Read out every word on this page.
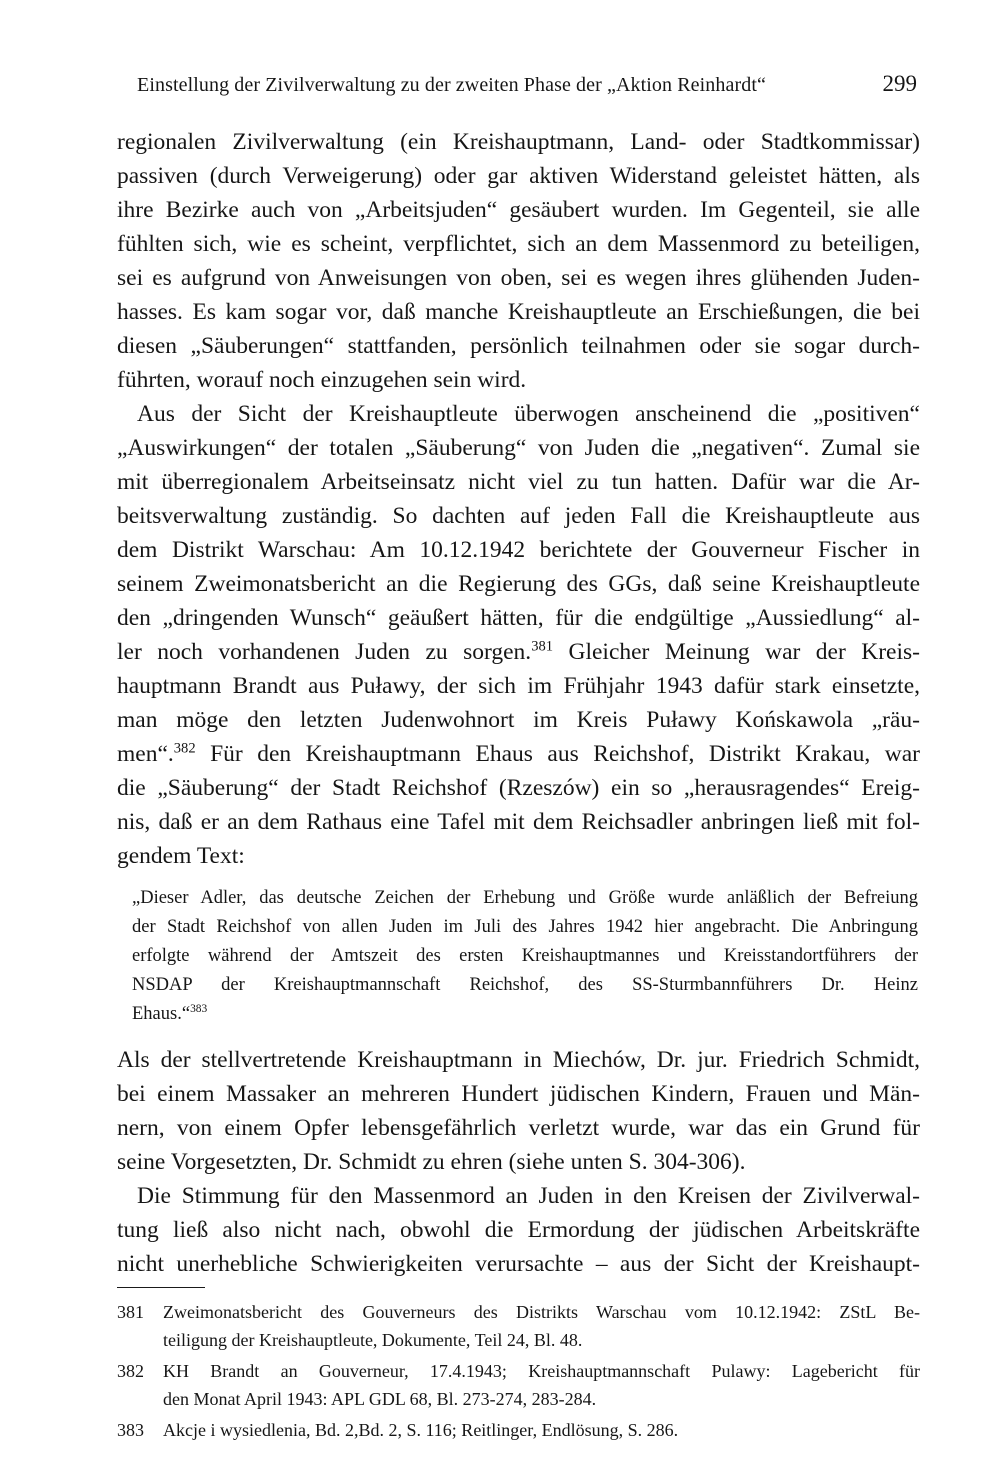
Einstellung der Zivilverwaltung zu der zweiten Phase der „Aktion Reinhardt“	299

regionalen Zivilverwaltung (ein Kreishauptmann, Land- oder Stadtkommissar)

passiven (durch Verweigerung) oder gar aktiven Widerstand geleistet hätten, als

ihre Bezirke auch von „Arbeitsjuden“ gesäubert wurden. Im Gegenteil, sie alle

fühlten sich, wie es scheint, verpflichtet, sich an dem Massenmord zu beteiligen,

sei es aufgrund von Anweisungen von oben, sei es wegen ihres glühenden Juden-

hasses. Es kam sogar vor, daß manche Kreishauptleute an Erschießungen, die bei

diesen „Säuberungen“ stattfanden, persönlich teilnahmen oder sie sogar durch-

führten, worauf noch einzugehen sein wird.

Aus der Sicht der Kreishauptleute überwogen anscheinend die „positiven“

„Auswirkungen“ der totalen „Säuberung“ von Juden die „negativen“. Zumal sie

mit überregionalem Arbeitseinsatz nicht viel zu tun hatten. Dafür war die Ar-

beitsverwaltung zuständig. So dachten auf jeden Fall die Kreishauptleute aus

dem Distrikt Warschau: Am 10.12.1942 berichtete der Gouverneur Fischer in

seinem Zweimonatsbericht an die Regierung des GGs, daß seine Kreishauptleute

den „dringenden Wunsch“ geäußert hätten, für die endgültige „Aussiedlung“ al-

ler noch vorhandenen Juden zu sorgen.$^{381}$ Gleicher Meinung war der Kreis-

hauptmann Brandt aus Puławy, der sich im Frühjahr 1943 dafür stark einsetzte,

man möge den letzten Judenwohnort im Kreis Puławy Końskawola „räu-

men“.$^{382}$ Für den Kreishauptmann Ehaus aus Reichshof, Distrikt Krakau, war

die „Säuberung“ der Stadt Reichshof (Rzeszów) ein so „herausragendes“ Ereig-

nis, daß er an dem Rathaus eine Tafel mit dem Reichsadler anbringen ließ mit fol-

gendem Text:

„Dieser Adler, das deutsche Zeichen der Erhebung und Größe wurde anläßlich der Befreiung

der Stadt Reichshof von allen Juden im Juli des Jahres 1942 hier angebracht. Die Anbringung

erfolgte während der Amtszeit des ersten Kreishauptmannes und Kreisstandortführers der

NSDAP der Kreishauptmannschaft Reichshof, des SS-Sturmbannführers Dr. Heinz

Ehaus.“$^{383}$

Als der stellvertretende Kreishauptmann in Miechów, Dr. jur. Friedrich Schmidt,

bei einem Massaker an mehreren Hundert jüdischen Kindern, Frauen und Män-

nern, von einem Opfer lebensgefährlich verletzt wurde, war das ein Grund für

seine Vorgesetzten, Dr. Schmidt zu ehren (siehe unten S. 304-306).

Die Stimmung für den Massenmord an Juden in den Kreisen der Zivilverwal-

tung ließ also nicht nach, obwohl die Ermordung der jüdischen Arbeitskräfte

nicht unerhebliche Schwierigkeiten verursachte – aus der Sicht der Kreishaupt-

381 Zweimonatsbericht des Gouverneurs des Distrikts Warschau vom 10.12.1942: ZStL Be-

teiligung der Kreishauptleute, Dokumente, Teil 24, Bl. 48.

382 KH Brandt an Gouverneur, 17.4.1943; Kreishauptmannschaft Pulawy: Lagebericht für

den Monat April 1943: APL GDL 68, Bl. 273-274, 283-284.

383 Akcje i wysiedlenia, Bd. 2,Bd. 2, S. 116; Reitlinger, Endlösung, S. 286.
